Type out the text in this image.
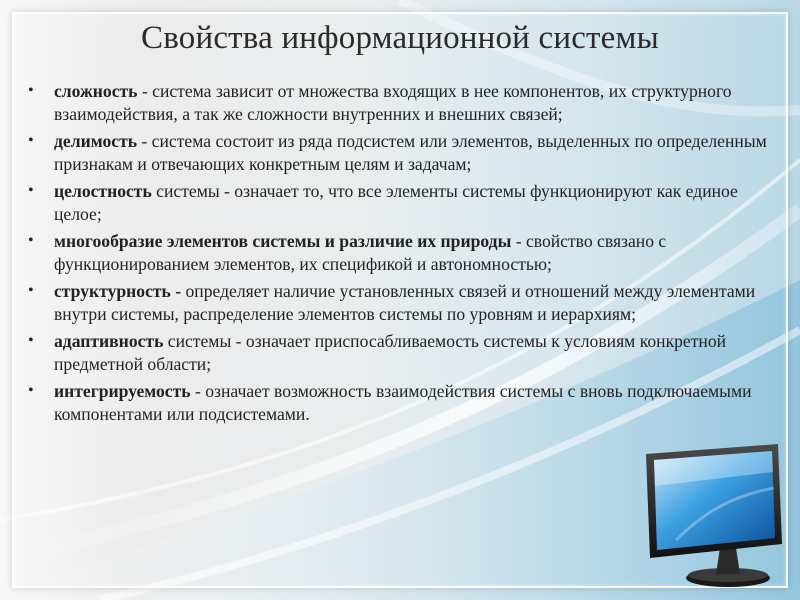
Свойства информационной системы
• сложность - система зависит от множества входящих в нее компонентов, их структурного взаимодействия, а так же сложности внутренних и внешних связей;
• делимость - система состоит из ряда подсистем или элементов, выделенных по определенным признакам и отвечающих конкретным целям и задачам;
• целостность системы - означает то, что все элементы системы функционируют как единое целое;
• многообразие элементов системы и различие их природы - свойство связано с функционированием элементов, их спецификой и автономностью;
• структурность - определяет наличие установленных связей и отношений между элементами внутри системы, распределение элементов системы по уровням и иерархиям;
• адаптивность системы - означает приспосабливаемость системы к условиям конкретной предметной области;
• интегрируемость - означает возможность взаимодействия системы с вновь подключаемыми компонентами или подсистемами.
